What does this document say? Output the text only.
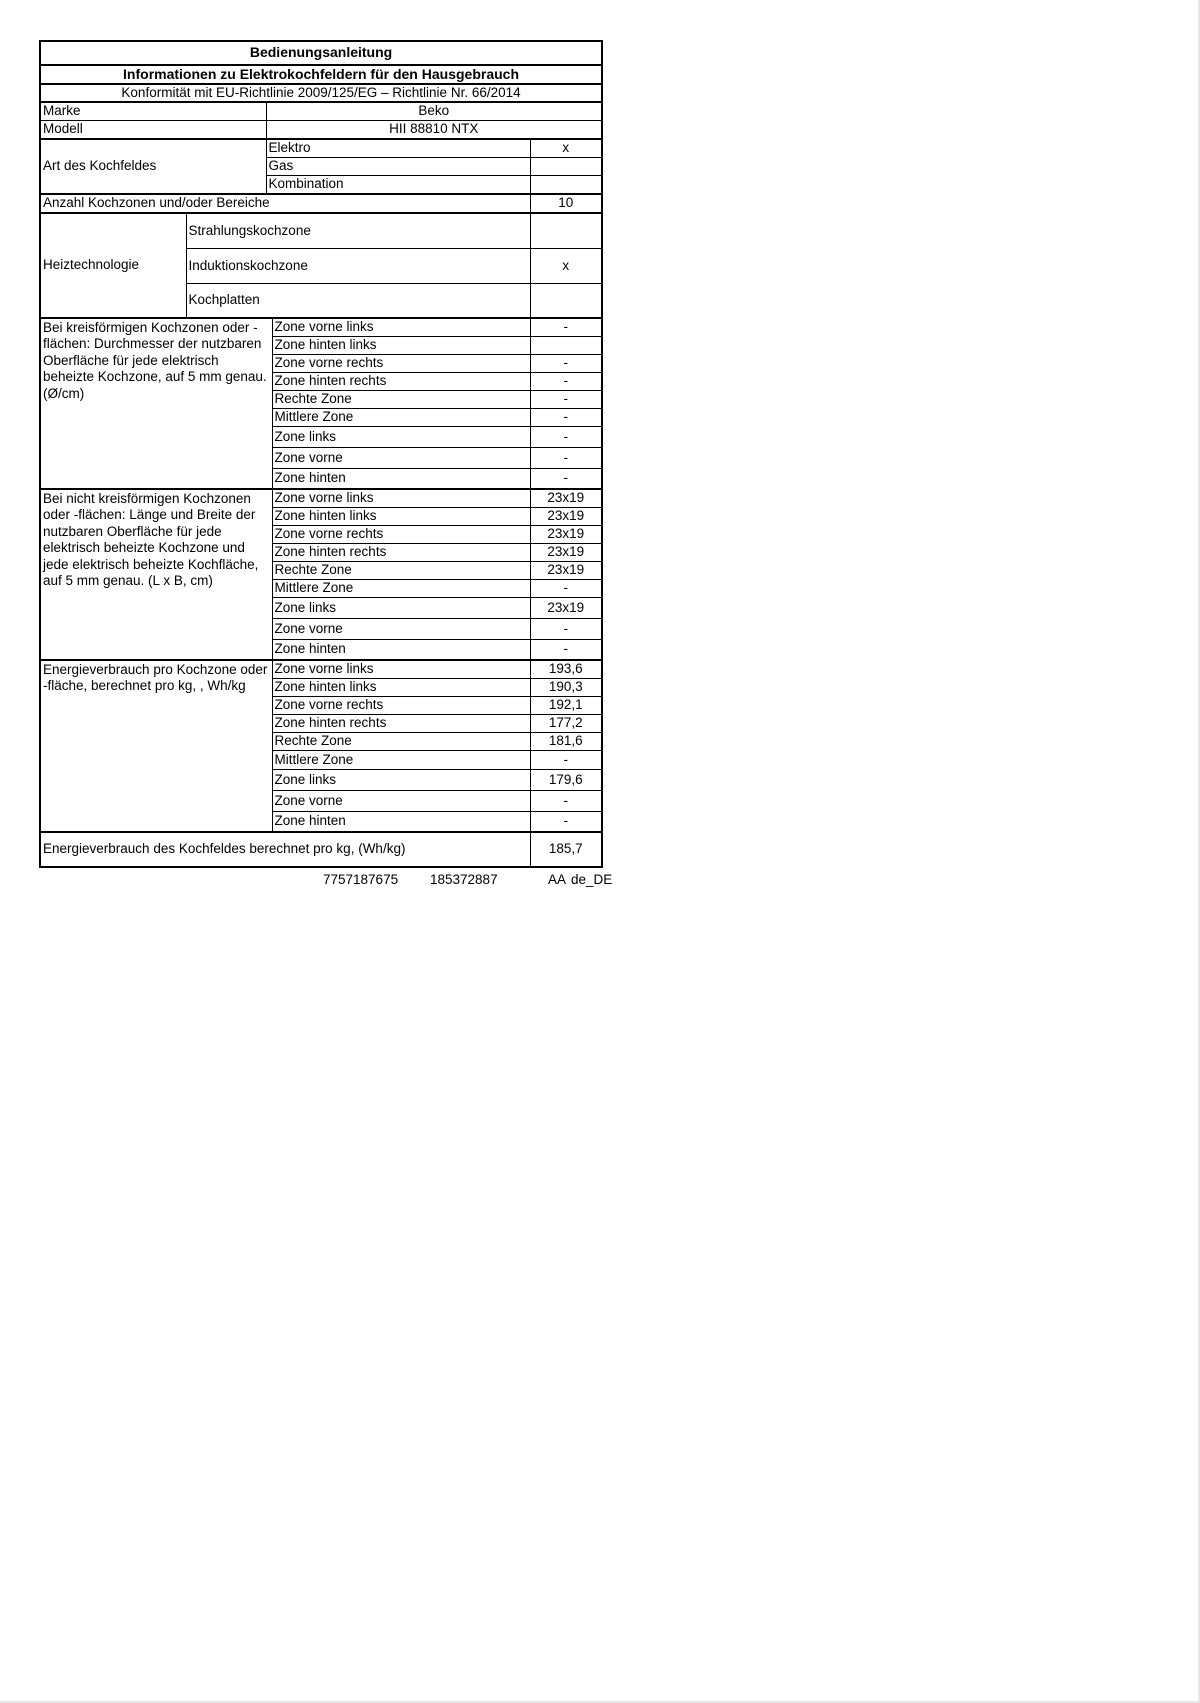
Bedienungsanleitung				
Informationen zu Elektrokochfeldern für den Hausgebrauch				
Konformität mit EU-Richtlinie 2009/125/EG – Richtlinie Nr. 66/2014				
Marke		Beko		
Modell		HII 88810 NTX		
Art des Kochfeldes		Elektro		x
		Gas		
		Kombination		
Anzahl Kochzonen und/oder Bereiche				10
Heiztechnologie	Strahlungskochzone			
	Induktionskochzone			x
	Kochplatten			
Bei kreisförmigen Kochzonen oder -flächen: Durchmesser der nutzbaren Oberfläche für jede elektrisch beheizte Kochzone, auf 5 mm genau. (Ø/cm)			Zone vorne links	-
			Zone hinten links	
			Zone vorne rechts	-
			Zone hinten rechts	-
			Rechte Zone	-
			Mittlere Zone	-
			Zone links	-
			Zone vorne	-
			Zone hinten	-
Bei nicht kreisförmigen Kochzonen oder -flächen: Länge und Breite der nutzbaren Oberfläche für jede elektrisch beheizte Kochzone und jede elektrisch beheizte Kochfläche, auf 5 mm genau. (L x B, cm)			Zone vorne links	23x19
			Zone hinten links	23x19
			Zone vorne rechts	23x19
			Zone hinten rechts	23x19
			Rechte Zone	23x19
			Mittlere Zone	-
			Zone links	23x19
			Zone vorne	-
			Zone hinten	-
Energieverbrauch pro Kochzone oder -fläche, berechnet pro kg, , Wh/kg			Zone vorne links	193,6
			Zone hinten links	190,3
			Zone vorne rechts	192,1
			Zone hinten rechts	177,2
			Rechte Zone	181,6
			Mittlere Zone	-
			Zone links	179,6
			Zone vorne	-
			Zone hinten	-
Energieverbrauch des Kochfeldes berechnet pro kg, (Wh/kg)				185,7
7757187675 185372887	AA de_DE
